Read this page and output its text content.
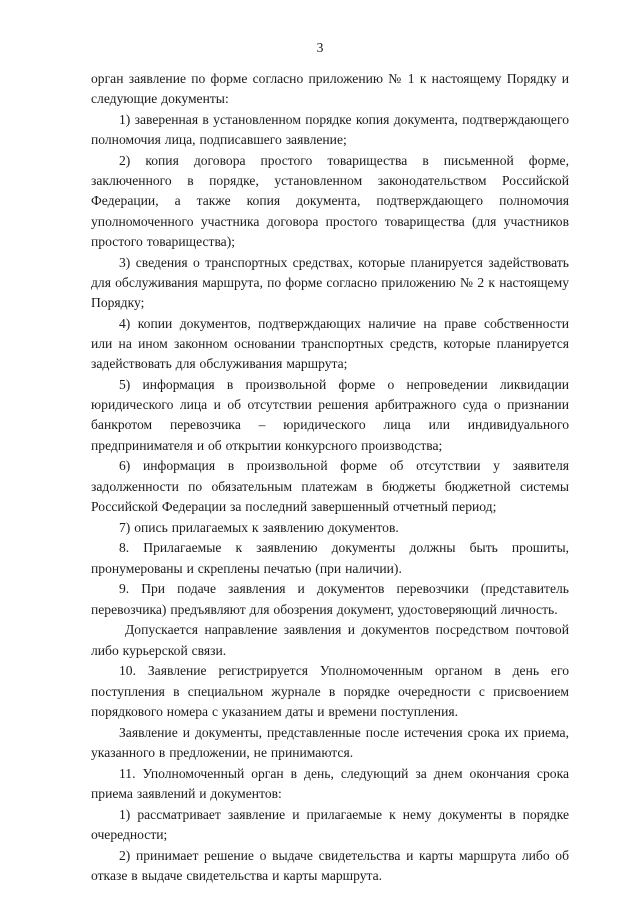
3

орган заявление по форме согласно приложению № 1 к настоящему Порядку и следующие документы:

1) заверенная в установленном порядке копия документа, подтверждающего полномочия лица, подписавшего заявление;

2) копия договора простого товарищества в письменной форме, заключенного в порядке, установленном законодательством Российской Федерации, а также копия документа, подтверждающего полномочия уполномоченного участника договора простого товарищества (для участников простого товарищества);

3) сведения о транспортных средствах, которые планируется задействовать для обслуживания маршрута, по форме согласно приложению № 2 к настоящему Порядку;

4) копии документов, подтверждающих наличие на праве собственности или на ином законном основании транспортных средств, которые планируется задействовать для обслуживания маршрута;

5) информация в произвольной форме о непроведении ликвидации юридического лица и об отсутствии решения арбитражного суда о признании банкротом перевозчика – юридического лица или индивидуального предпринимателя и об открытии конкурсного производства;

6) информация в произвольной форме об отсутствии у заявителя задолженности по обязательным платежам в бюджеты бюджетной системы Российской Федерации за последний завершенный отчетный период;

7) опись прилагаемых к заявлению документов.

8. Прилагаемые к заявлению документы должны быть прошиты, пронумерованы и скреплены печатью (при наличии).

9. При подаче заявления и документов перевозчики (представитель перевозчика) предъявляют для обозрения документ, удостоверяющий личность.

Допускается направление заявления и документов посредством почтовой либо курьерской связи.

10. Заявление регистрируется Уполномоченным органом в день его поступления в специальном журнале в порядке очередности с присвоением порядкового номера с указанием даты и времени поступления.

Заявление и документы, представленные после истечения срока их приема, указанного в предложении, не принимаются.

11. Уполномоченный орган в день, следующий за днем окончания срока приема заявлений и документов:

1) рассматривает заявление и прилагаемые к нему документы в порядке очередности;

2) принимает решение о выдаче свидетельства и карты маршрута либо об отказе в выдаче свидетельства и карты маршрута.
